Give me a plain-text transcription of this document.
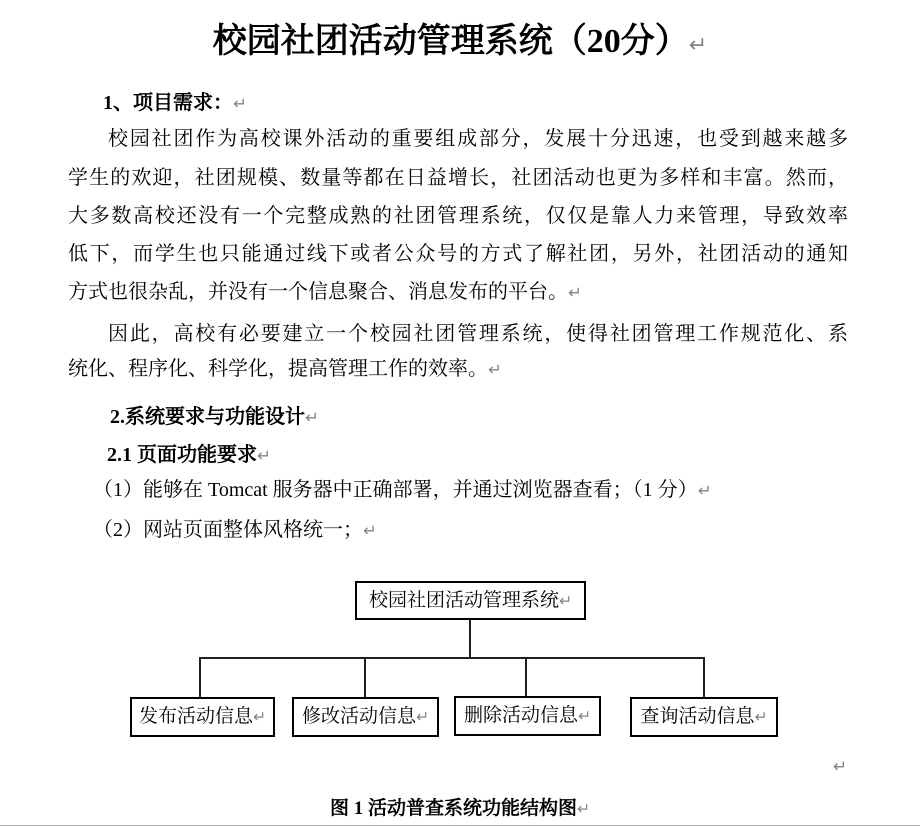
校园社团活动管理系统（20分）↵
1、项目需求：↵
校园社团作为高校课外活动的重要组成部分，发展十分迅速，也受到越来越多
学生的欢迎，社团规模、数量等都在日益增长，社团活动也更为多样和丰富。然而，
大多数高校还没有一个完整成熟的社团管理系统，仅仅是靠人力来管理，导致效率
低下，而学生也只能通过线下或者公众号的方式了解社团，另外，社团活动的通知
方式也很杂乱，并没有一个信息聚合、消息发布的平台。↵
因此，高校有必要建立一个校园社团管理系统，使得社团管理工作规范化、系
统化、程序化、科学化，提高管理工作的效率。↵
2.系统要求与功能设计↵
2.1 页面功能要求↵
（1）能够在 Tomcat 服务器中正确部署，并通过浏览器查看；（1 分）↵
（2）网站页面整体风格统一；↵
校园社团活动管理系统 ↵
发布活动信息 ↵ 修改活动信息 ↵ 删除活动信息 ↵	查询活动信息 ↵
↵
图 1 活动普查系统功能结构图↵
